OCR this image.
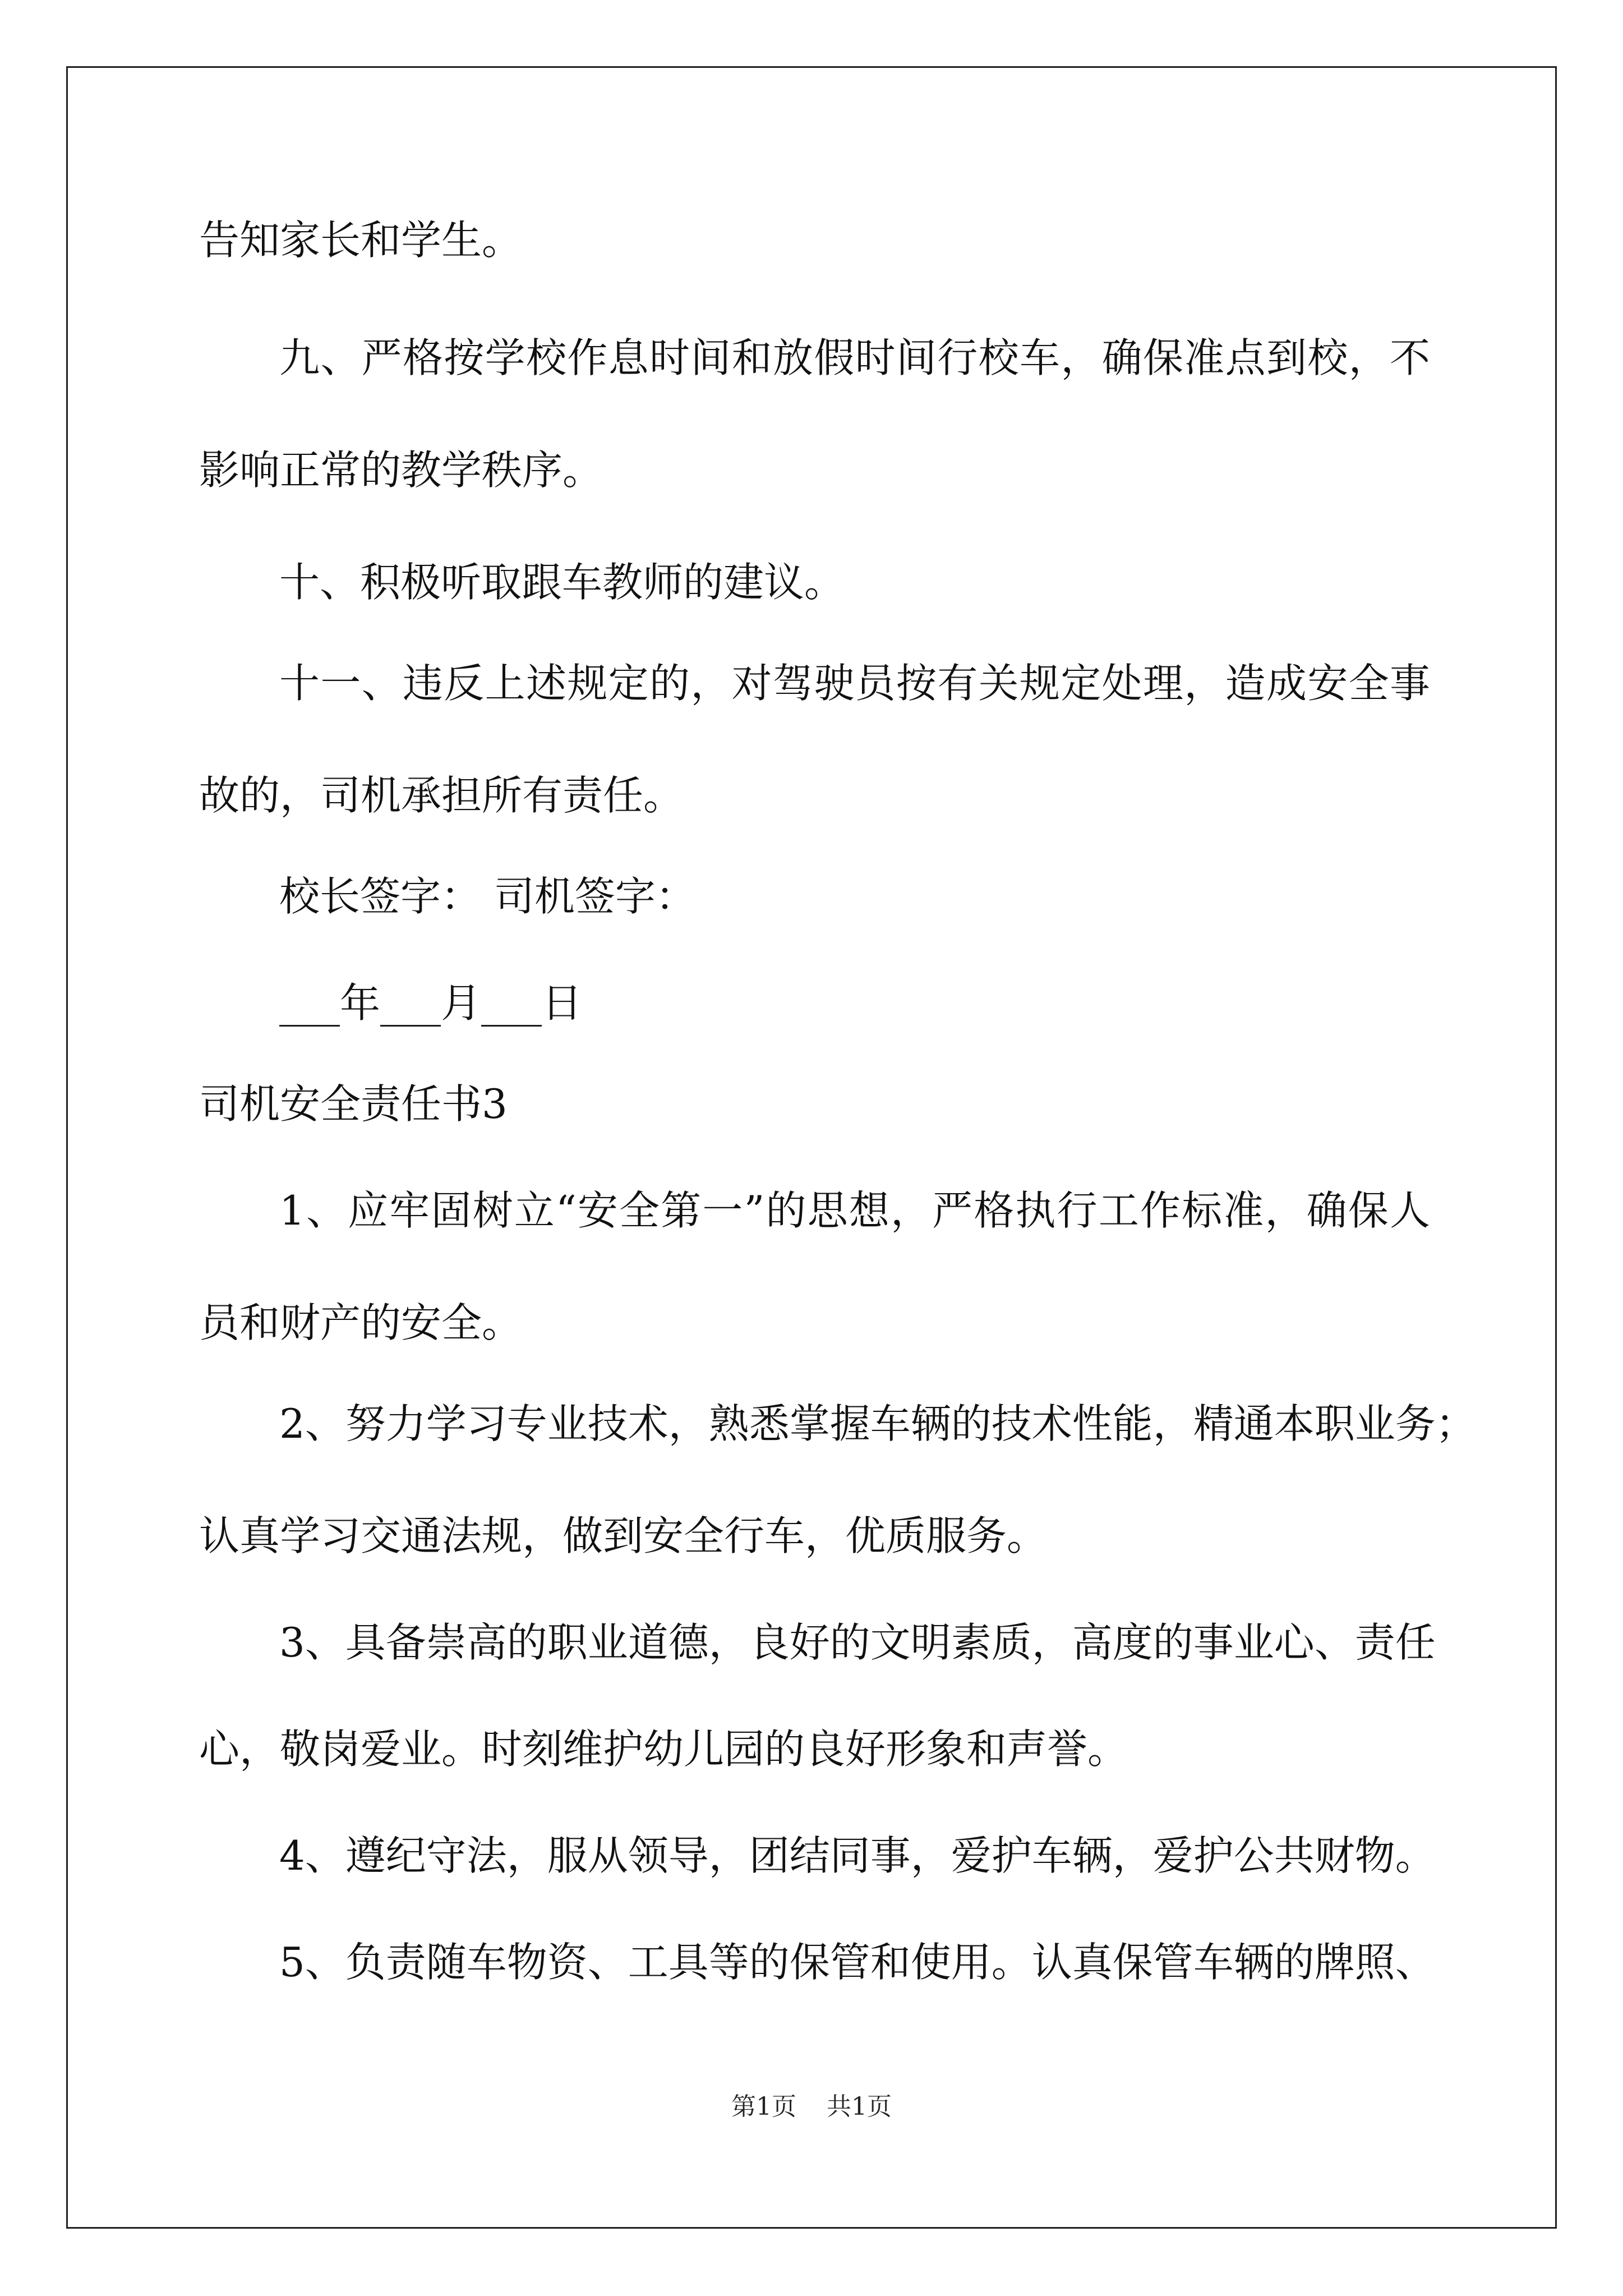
告知家长和学生。
九、严格按学校作息时间和放假时间行校车，确保准点到校，不
影响正常的教学秩序。
十、积极听取跟车教师的建议。
十一、违反上述规定的，对驾驶员按有关规定处理，造成安全事
故的，司机承担所有责任。
校长签字： 司机签字：
___年___月___日
司机安全责任书3
1、应牢固树立“安全第一”的思想，严格执行工作标准，确保人
员和财产的安全。
2、努力学习专业技术，熟悉掌握车辆的技术性能，精通本职业务；
认真学习交通法规，做到安全行车，优质服务。
3、具备崇高的职业道德，良好的文明素质，高度的事业心、责任
心，敬岗爱业。时刻维护幼儿园的良好形象和声誉。
4、遵纪守法，服从领导，团结同事，爱护车辆，爱护公共财物。
5、负责随车物资、工具等的保管和使用。认真保管车辆的牌照、
第1页 共1页
